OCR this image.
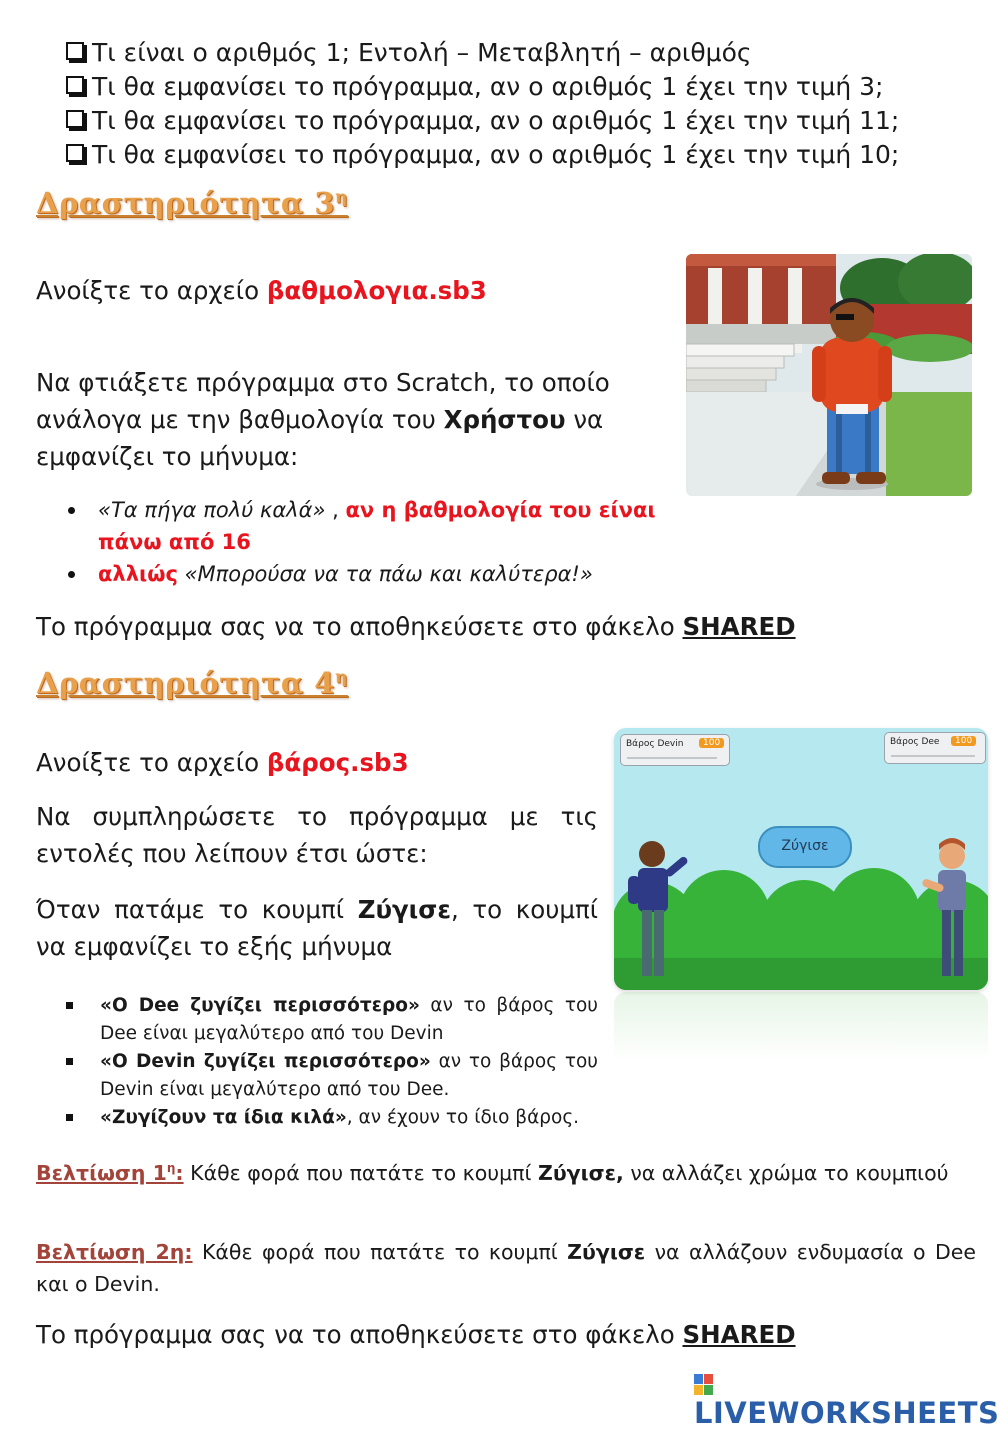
Τι είναι ο αριθμός 1; Εντολή – Μεταβλητή – αριθμός
Τι θα εμφανίσει το πρόγραμμα, αν ο αριθμός 1 έχει την τιμή 3;
Τι θα εμφανίσει το πρόγραμμα, αν ο αριθμός 1 έχει την τιμή 11;
Τι θα εμφανίσει το πρόγραμμα, αν ο αριθμός 1 έχει την τιμή 10;
Δραστηριότητα $3^\eta$
Ανοίξτε το αρχείο βαθμολογια.sb3
Να φτιάξετε πρόγραμμα στο Scratch, το οποίο ανάλογα με την βαθμολογία του Χρήστου να εμφανίζει το μήνυμα:
«Τα πήγα πολύ καλά» , αν η βαθμολογία του είναι πάνω από 16
αλλιώς «Μπορούσα να τα πάω και καλύτερα!»
Το πρόγραμμα σας να το αποθηκεύσετε στο φάκελο SHARED
Δραστηριότητα $4^\eta$
Ανοίξτε το αρχείο βάρος.sb3
Να συμπληρώσετε το πρόγραμμα με τις εντολές που λείπουν έτσι ώστε:
Όταν πατάμε το κουμπί Ζύγισε, το κουμπί να εμφανίζει το εξής μήνυμα
«Ο Dee ζυγίζει περισσότερο» αν το βάρος του Dee είναι μεγαλύτερο από του Devin
«Ο Devin ζυγίζει περισσότερο» αν το βάρος του Devin είναι μεγαλύτερο από του Dee.
«Ζυγίζουν τα ίδια κιλά», αν έχουν το ίδιο βάρος.
Βελτίωση $1^\eta$: Κάθε φορά που πατάτε το κουμπί Ζύγισε, να αλλάζει χρώμα το κουμπιού
Βελτίωση 2η: Κάθε φορά που πατάτε το κουμπί Ζύγισε να αλλάζουν ενδυμασία ο Dee και ο Devin.
Το πρόγραμμα σας να το αποθηκεύσετε στο φάκελο SHARED
Βάρος Devin	100	Βάρος Dee	100
Ζύγισε
LIVEWORKSHEETS
